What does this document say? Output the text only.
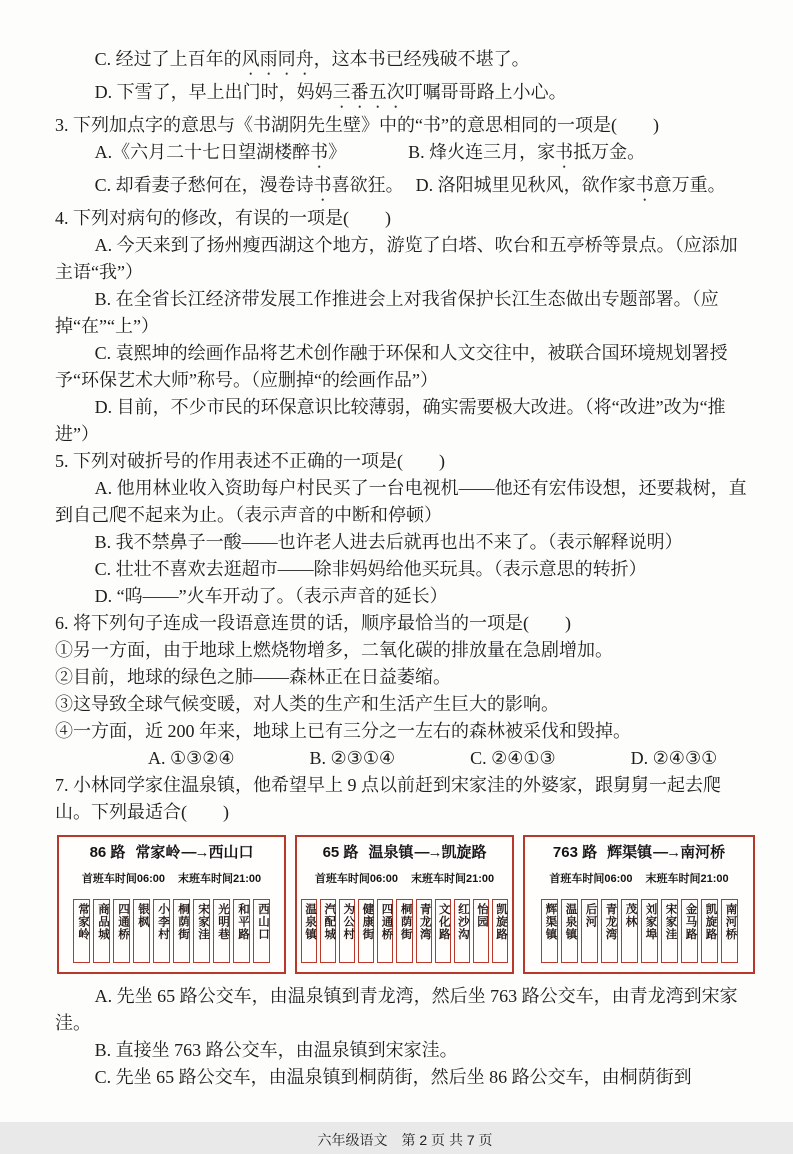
C. 经过了上百年的风雨同舟，这本书已经残破不堪了。

D. 下雪了，早上出门时，妈妈三番五次叮嘱哥哥路上小心。

3. 下列加点字的意思与《书湖阴先生壁》中的“书”的意思相同的一项是(　　)

A.《六月二十七日望湖楼醉书》	B. 烽火连三月，家书抵万金。

C. 却看妻子愁何在，漫卷诗书喜欲狂。 D. 洛阳城里见秋风，欲作家书意万重。

4. 下列对病句的修改，有误的一项是(　　)

A. 今天来到了扬州瘦西湖这个地方，游览了白塔、吹台和五亭桥等景点。（应添加主语“我”）

B. 在全省长江经济带发展工作推进会上对我省保护长江生态做出专题部署。（应掉“在”“上”）

C. 袁熙坤的绘画作品将艺术创作融于环保和人文交往中，被联合国环境规划署授予“环保艺术大师”称号。（应删掉“的绘画作品”）

D. 目前，不少市民的环保意识比较薄弱，确实需要极大改进。（将“改进”改为“推进”）

5. 下列对破折号的作用表述不正确的一项是(　　)

A. 他用林业收入资助每户村民买了一台电视机——他还有宏伟设想，还要栽树，直到自己爬不起来为止。（表示声音的中断和停顿）

B. 我不禁鼻子一酸——也许老人进去后就再也出不来了。（表示解释说明）

C. 壮壮不喜欢去逛超市——除非妈妈给他买玩具。（表示意思的转折）

D. “呜——”火车开动了。（表示声音的延长）

6. 将下列句子连成一段语意连贯的话，顺序最恰当的一项是(　　)

①另一方面，由于地球上燃烧物增多，二氧化碳的排放量在急剧增加。

②目前，地球的绿色之肺——森林正在日益萎缩。

③这导致全球气候变暖，对人类的生产和生活产生巨大的影响。

④一方面，近 200 年来，地球上已有三分之一左右的森林被采伐和毁掉。

A. ①③②④	B. ②③①④	C. ②④①③	D. ②④③①

7. 小林同学家住温泉镇，他希望早上 9 点以前赶到宋家洼的外婆家，跟舅舅一起去爬山。下列最适合(　　)

86 路 常家岭—→西山口
首班车时间06:00 末班车时间21:00
常家岭 商品城 四通桥 银枫 小李村 桐荫街 宋家洼 光明巷 和平路 西山口
65 路 温泉镇—→凯旋路
首班车时间06:00 末班车时间21:00
温泉镇 汽配城 为公村 健康街 四通桥 桐荫街 青龙湾 文化路 红沙沟 怡园 凯旋路
763 路 辉渠镇—→南河桥
首班车时间06:00 末班车时间21:00
辉渠镇 温泉镇 后河 青龙湾 茂林 刘家埠 宋家洼 金马路 凯旋路 南河桥

A. 先坐 65 路公交车，由温泉镇到青龙湾，然后坐 763 路公交车，由青龙湾到宋家洼。

B. 直接坐 763 路公交车，由温泉镇到宋家洼。

C. 先坐 65 路公交车，由温泉镇到桐荫街，然后坐 86 路公交车，由桐荫街到

六年级语文　第 2 页 共 7 页
